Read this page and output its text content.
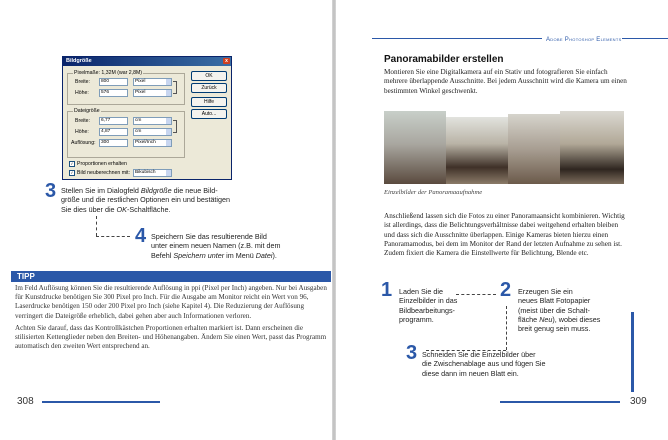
Bildgröße	x
Pixelmaße: 1,32M (war 2,8M)
Breite:	800	Pixel
Höhe:	576	Pixel
Dateigröße
Breite:	6,77	cm
Höhe:	4,87	cm
Auflösung:	300	Pixel/Inch
✓ Proportionen erhalten
✓ Bild neuberechnen mit:	Bikubisch
OK
Zurück
Hilfe
Auto...
3 Stellen Sie im Dialogfeld Bildgröße die neue Bild-
größe und die restlichen Optionen ein und bestätigen
Sie dies über die OK-Schaltfläche.
4 Speichern Sie das resultierende Bild
unter einem neuen Namen (z.B. mit dem
Befehl Speichern unter im Menü Datei).
TIPP

Im Feld Auflösung können Sie die resultierende Auflösung in ppi (Pixel per Inch) angeben. Nur bei Ausgaben für Kunstdrucke benötigen Sie 300 Pixel pro Inch. Für die Ausgabe am Monitor reicht ein Wert von 96, Laserdrucke benötigen 150 oder 200 Pixel pro Inch (siehe Kapitel 4). Die Reduzierung der Auflösung verringert die Dateigröße erheblich, dabei gehen aber auch Informationen verloren.

Achten Sie darauf, dass das Kontrollkästchen Proportionen erhalten markiert ist. Dann erscheinen die stilisierten Kettenglieder neben den Breiten- und Höhenangaben. Ändern Sie einen Wert, passt das Programm automatisch den zweiten Wert entsprechend an.

308
Adobe Photoshop Elements
Panoramabilder erstellen
Montieren Sie eine Digitalkamera auf ein Stativ und fotografieren Sie einfach mehrere überlappende Ausschnitte. Bei jedem Ausschnitt wird die Kamera um einen bestimmten Winkel geschwenkt.
Einzelbilder der Panoramaaufnahme
Anschließend lassen sich die Fotos zu einer Panoramaansicht kombinieren. Wichtig ist allerdings, dass die Belichtungsverhältnisse dabei weitgehend erhalten bleiben und dass sich die Ausschnitte überlappen. Einige Kameras bieten hierzu einen Panoramamodus, bei dem im Monitor der Rand der letzten Aufnahme zu sehen ist. Zudem fixiert die Kamera die Einstellwerte für Belichtung, Blende etc.
1 Laden Sie die
Einzelbilder in das
Bildbearbeitungs-
programm.
2 Erzeugen Sie ein
neues Blatt Fotopapier
(meist über die Schalt-
fläche Neu), wobei dieses
breit genug sein muss.
3 Schneiden Sie die Einzelbilder über
die Zwischenablage aus und fügen Sie
diese dann im neuen Blatt ein.
309
